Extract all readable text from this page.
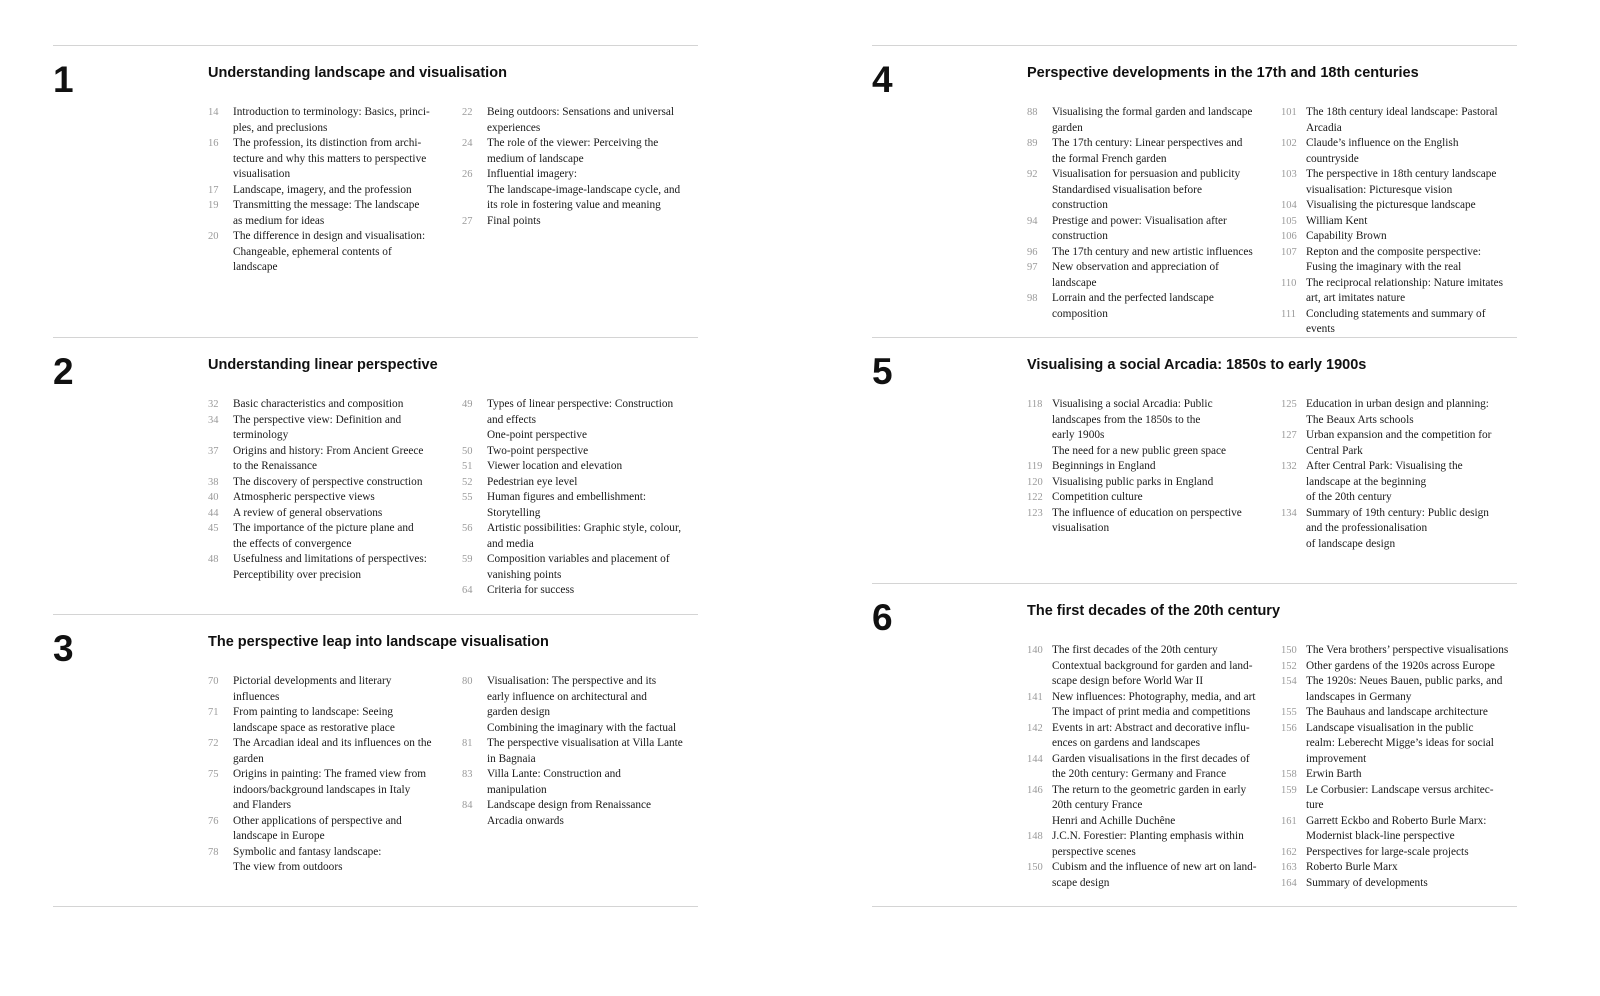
1	Understanding landscape and visualisation
14	Introduction to terminology: Basics, princi-
ples, and preclusions
16	The profession, its distinction from archi-
tecture and why this matters to perspective
visualisation
17	Landscape, imagery, and the profession
19	Transmitting the message: The landscape
as medium for ideas
20	The difference in design and visualisation:
Changeable, ephemeral contents of
landscape
22	Being outdoors: Sensations and universal
experiences
24	The role of the viewer: Perceiving the
medium of landscape
26	Influential imagery:
The landscape-image-landscape cycle, and
its role in fostering value and meaning
27	Final points
2	Understanding linear perspective
32	Basic characteristics and composition
34	The perspective view: Definition and
terminology
37	Origins and history: From Ancient Greece
to the Renaissance
38	The discovery of perspective construction
40	Atmospheric perspective views
44	A review of general observations
45	The importance of the picture plane and
the effects of convergence
48	Usefulness and limitations of perspectives:
Perceptibility over precision
49	Types of linear perspective: Construction
and effects
One-point perspective
50	Two-point perspective
51	Viewer location and elevation
52	Pedestrian eye level
55	Human figures and embellishment:
Storytelling
56	Artistic possibilities: Graphic style, colour,
and media
59	Composition variables and placement of
vanishing points
64	Criteria for success
3	The perspective leap into landscape visualisation
70	Pictorial developments and literary
influences
71	From painting to landscape: Seeing
landscape space as restorative place
72	The Arcadian ideal and its influences on the
garden
75	Origins in painting: The framed view from
indoors/background landscapes in Italy
and Flanders
76	Other applications of perspective and
landscape in Europe
78	Symbolic and fantasy landscape:
The view from outdoors
80	Visualisation: The perspective and its
early influence on architectural and
garden design
Combining the imaginary with the factual
81	The perspective visualisation at Villa Lante
in Bagnaia
83	Villa Lante: Construction and
manipulation
84	Landscape design from Renaissance
Arcadia onwards
4	Perspective developments in the 17th and 18th centuries
88	Visualising the formal garden and landscape
garden
89	The 17th century: Linear perspectives and
the formal French garden
92	Visualisation for persuasion and publicity
Standardised visualisation before
construction
94	Prestige and power: Visualisation after
construction
96	The 17th century and new artistic influences
97	New observation and appreciation of
landscape
98	Lorrain and the perfected landscape
composition
101 The 18th century ideal landscape: Pastoral
Arcadia
102 Claude’s influence on the English
countryside
103 The perspective in 18th century landscape
visualisation: Picturesque vision
104 Visualising the picturesque landscape
105 William Kent
106 Capability Brown
107 Repton and the composite perspective:
Fusing the imaginary with the real
110 The reciprocal relationship: Nature imitates
art, art imitates nature
111 Concluding statements and summary of
events
5	Visualising a social Arcadia: 1850s to early 1900s
118 Visualising a social Arcadia: Public
landscapes from the 1850s to the
early 1900s
The need for a new public green space
119 Beginnings in England
120 Visualising public parks in England
122 Competition culture
123 The influence of education on perspective
visualisation
125 Education in urban design and planning:
The Beaux Arts schools
127 Urban expansion and the competition for
Central Park
132 After Central Park: Visualising the
landscape at the beginning
of the 20th century
134 Summary of 19th century: Public design
and the professionalisation
of landscape design
6	The first decades of the 20th century
140 The first decades of the 20th century
Contextual background for garden and land-
scape design before World War II
141 New influences: Photography, media, and art
The impact of print media and competitions
142 Events in art: Abstract and decorative influ-
ences on gardens and landscapes
144 Garden visualisations in the first decades of
the 20th century: Germany and France
146 The return to the geometric garden in early
20th century France
Henri and Achille Duchêne
148 J.C.N. Forestier: Planting emphasis within
perspective scenes
150 Cubism and the influence of new art on land-
scape design
150 The Vera brothers’ perspective visualisations
152 Other gardens of the 1920s across Europe
154 The 1920s: Neues Bauen, public parks, and
landscapes in Germany
155 The Bauhaus and landscape architecture
156 Landscape visualisation in the public
realm: Leberecht Migge’s ideas for social
improvement
158 Erwin Barth
159 Le Corbusier: Landscape versus architec-
ture
161 Garrett Eckbo and Roberto Burle Marx:
Modernist black-line perspective
162 Perspectives for large-scale projects
163 Roberto Burle Marx
164 Summary of developments
